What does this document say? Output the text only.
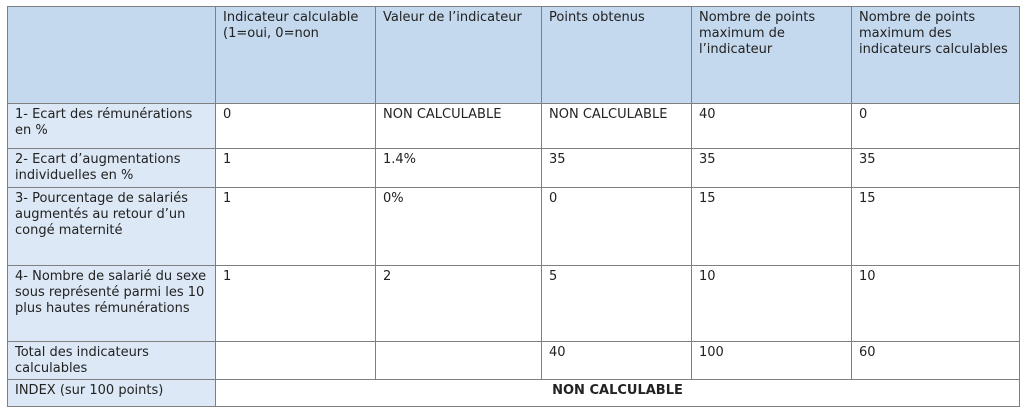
	Indicateur calculable (1=oui, 0=non	Valeur de l’indicateur	Points obtenus	Nombre de points maximum de l’indicateur	Nombre de points maximum des indicateurs calculables
1- Ecart des rémunérations en %	0	NON CALCULABLE	NON CALCULABLE	40	0
2- Ecart d’augmentations individuelles en %	1	1.4%	35	35	35
3- Pourcentage de salariés augmentés au retour d’un congé maternité	1	0%	0	15	15
4- Nombre de salarié du sexe sous représenté parmi les 10 plus hautes rémunérations	1	2	5	10	10
Total des indicateurs calculables			40	100	60
INDEX (sur 100 points)	NON CALCULABLE				
